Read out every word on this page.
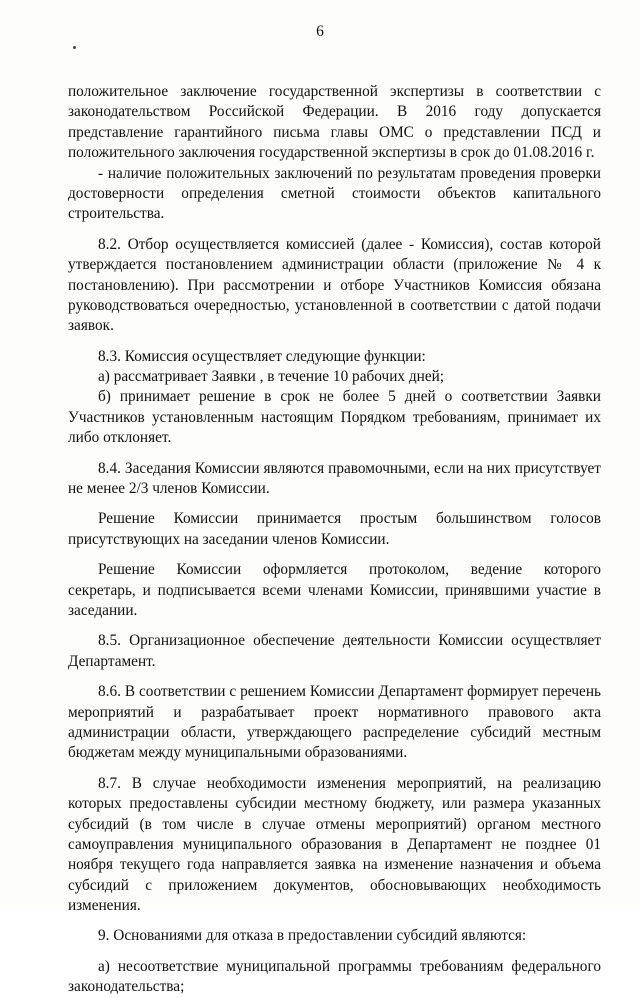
6
положительное заключение государственной экспертизы в соответствии с
законодательством Российской Федерации. В 2016 году допускается
представление гарантийного письма главы ОМС о представлении ПСД и
положительного заключения государственной экспертизы в срок до 01.08.2016 г.
- наличие положительных заключений по результатам проведения проверки
достоверности определения сметной стоимости объектов капитального
строительства.
8.2. Отбор осуществляется комиссией (далее - Комиссия), состав которой
утверждается постановлением администрации области (приложение № 4 к
постановлению). При рассмотрении и отборе Участников Комиссия обязана
руководствоваться очередностью, установленной в соответствии с датой подачи
заявок.
8.3. Комиссия осуществляет следующие функции:
а) рассматривает Заявки , в течение 10 рабочих дней;
б) принимает решение в срок не более 5 дней о соответствии Заявки
Участников установленным настоящим Порядком требованиям, принимает их
либо отклоняет.
8.4. Заседания Комиссии являются правомочными, если на них присутствует
не менее 2/3 членов Комиссии.
Решение Комиссии принимается простым большинством голосов
присутствующих на заседании членов Комиссии.
Решение Комиссии оформляется протоколом, ведение которого
секретарь, и подписывается всеми членами Комиссии, принявшими участие в
заседании.
8.5. Организационное обеспечение деятельности Комиссии осуществляет
Департамент.
8.6. В соответствии с решением Комиссии Департамент формирует перечень
мероприятий и разрабатывает проект нормативного правового акта
администрации области, утверждающего распределение субсидий местным
бюджетам между муниципальными образованиями.
8.7. В случае необходимости изменения мероприятий, на реализацию
которых предоставлены субсидии местному бюджету, или размера указанных
субсидий (в том числе в случае отмены мероприятий) органом местного
самоуправления муниципального образования в Департамент не позднее 01
ноября текущего года направляется заявка на изменение назначения и объема
субсидий с приложением документов, обосновывающих необходимость
изменения.
9. Основаниями для отказа в предоставлении субсидий являются:
а) несоответствие муниципальной программы требованиям федерального
законодательства;
